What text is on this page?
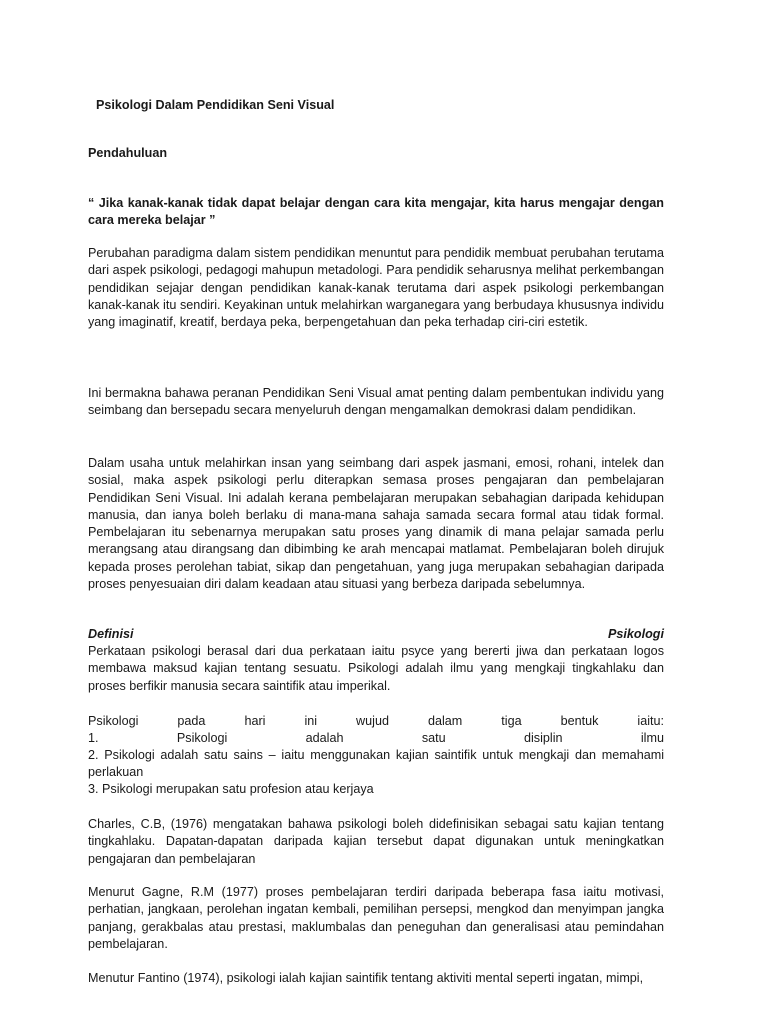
Psikologi Dalam Pendidikan Seni Visual
Pendahuluan
“ Jika kanak-kanak tidak dapat belajar dengan cara kita mengajar, kita harus mengajar dengan cara mereka belajar ”
Perubahan paradigma dalam sistem pendidikan menuntut para pendidik membuat perubahan terutama dari aspek psikologi, pedagogi mahupun metadologi. Para pendidik seharusnya melihat perkembangan pendidikan sejajar dengan pendidikan kanak-kanak terutama dari aspek psikologi perkembangan kanak-kanak itu sendiri. Keyakinan untuk melahirkan warganegara yang berbudaya khususnya individu yang imaginatif, kreatif, berdaya peka, berpengetahuan dan peka terhadap ciri-ciri estetik.
Ini bermakna bahawa peranan Pendidikan Seni Visual amat penting dalam pembentukan individu yang seimbang dan bersepadu secara menyeluruh dengan mengamalkan demokrasi dalam pendidikan.
Dalam usaha untuk melahirkan insan yang seimbang dari aspek jasmani, emosi, rohani, intelek dan sosial, maka aspek psikologi perlu diterapkan semasa proses pengajaran dan pembelajaran Pendidikan Seni Visual. Ini adalah kerana pembelajaran merupakan sebahagian daripada kehidupan manusia, dan ianya boleh berlaku di mana-mana sahaja samada secara formal atau tidak formal. Pembelajaran itu sebenarnya merupakan satu proses yang dinamik di mana pelajar samada perlu merangsang atau dirangsang dan dibimbing ke arah mencapai matlamat. Pembelajaran boleh dirujuk kepada proses perolehan tabiat, sikap dan pengetahuan, yang juga merupakan sebahagian daripada proses penyesuaian diri dalam keadaan atau situasi yang berbeza daripada sebelumnya.
Definisi	Psikologi
Perkataan psikologi berasal dari dua perkataan iaitu psyce yang bererti jiwa dan perkataan logos membawa maksud kajian tentang sesuatu. Psikologi adalah ilmu yang mengkaji tingkahlaku dan proses berfikir manusia secara saintifik atau imperikal.
Psikologi	pada	hari	ini	wujud	dalam	tiga	bentuk	iaitu:
1.	Psikologi	adalah	satu	disiplin	ilmu
2. Psikologi adalah satu sains – iaitu menggunakan kajian saintifik untuk mengkaji dan memahami perlakuan
3. Psikologi merupakan satu profesion atau kerjaya
Charles, C.B, (1976) mengatakan bahawa psikologi boleh didefinisikan sebagai satu kajian tentang tingkahlaku. Dapatan-dapatan daripada kajian tersebut dapat digunakan untuk meningkatkan pengajaran dan pembelajaran
Menurut Gagne, R.M (1977) proses pembelajaran terdiri daripada beberapa fasa iaitu motivasi, perhatian, jangkaan, perolehan ingatan kembali, pemilihan persepsi, mengkod dan menyimpan jangka panjang, gerakbalas atau prestasi, maklumbalas dan peneguhan dan generalisasi atau pemindahan pembelajaran.
Menutur Fantino (1974), psikologi ialah kajian saintifik tentang aktiviti mental seperti ingatan, mimpi,
